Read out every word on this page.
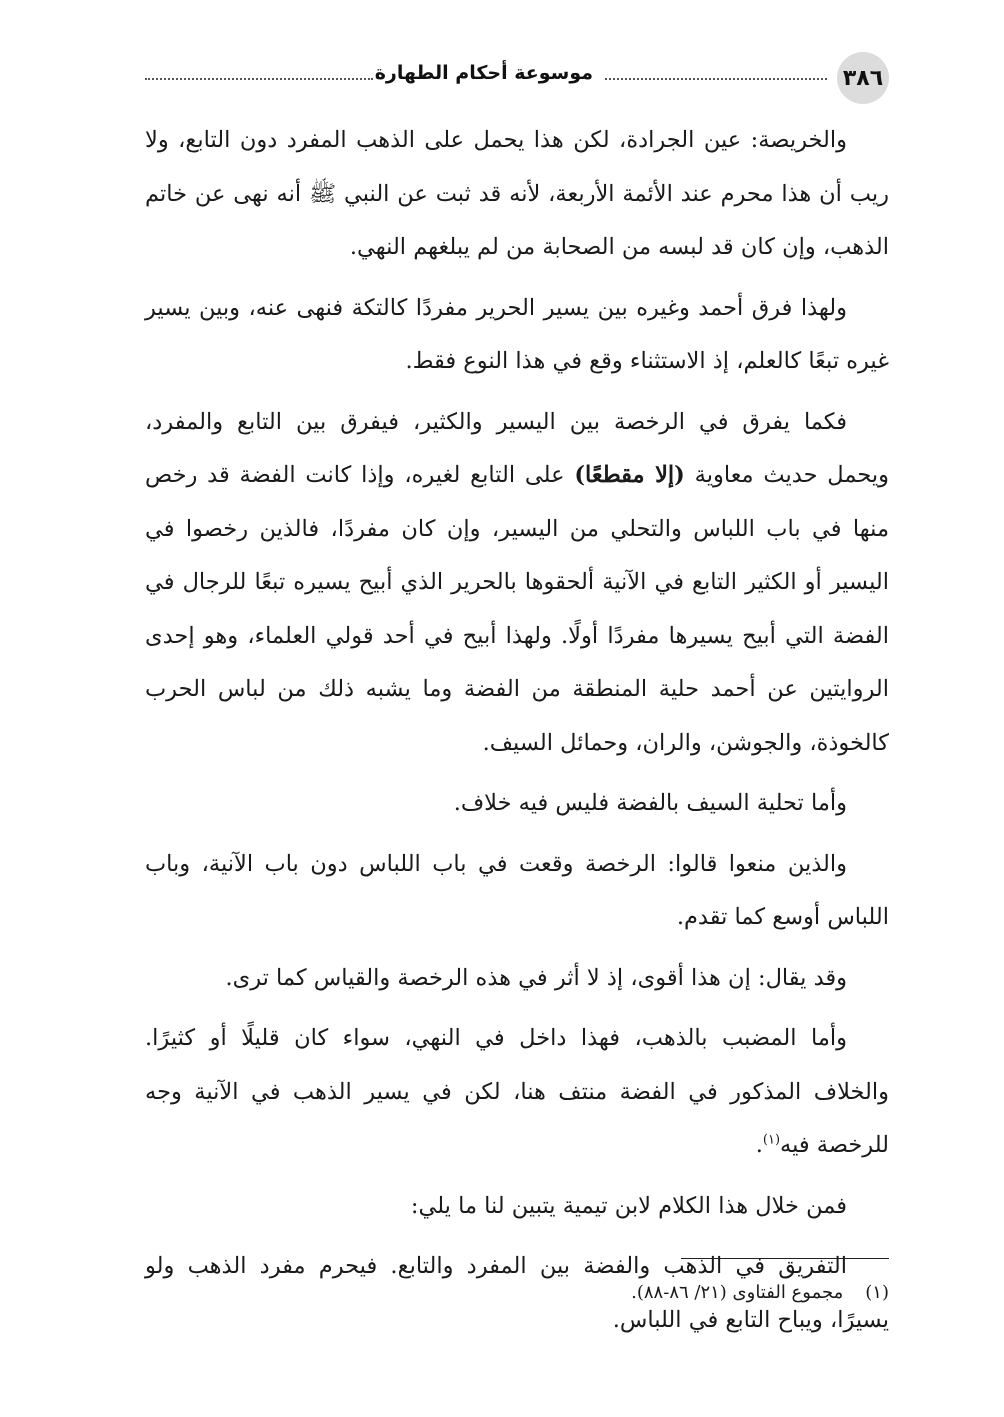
٣٨٦
موسوعة أحكام الطهارة

والخريصة: عين الجرادة، لكن هذا يحمل على الذهب المفرد دون التابع، ولا ريب أن هذا محرم عند الأئمة الأربعة، لأنه قد ثبت عن النبي ﷺ أنه نهى عن خاتم الذهب، وإن كان قد لبسه من الصحابة من لم يبلغهم النهي.

ولهذا فرق أحمد وغيره بين يسير الحرير مفردًا كالتكة فنهى عنه، وبين يسير غيره تبعًا كالعلم، إذ الاستثناء وقع في هذا النوع فقط.

فكما يفرق في الرخصة بين اليسير والكثير، فيفرق بين التابع والمفرد، ويحمل حديث معاوية (إلا مقطعًا) على التابع لغيره، وإذا كانت الفضة قد رخص منها في باب اللباس والتحلي من اليسير، وإن كان مفردًا، فالذين رخصوا في اليسير أو الكثير التابع في الآنية ألحقوها بالحرير الذي أبيح يسيره تبعًا للرجال في الفضة التي أبيح يسيرها مفردًا أولًا. ولهذا أبيح في أحد قولي العلماء، وهو إحدى الروايتين عن أحمد حلية المنطقة من الفضة وما يشبه ذلك من لباس الحرب كالخوذة، والجوشن، والران، وحمائل السيف.

وأما تحلية السيف بالفضة فليس فيه خلاف.

والذين منعوا قالوا: الرخصة وقعت في باب اللباس دون باب الآنية، وباب اللباس أوسع كما تقدم.

وقد يقال: إن هذا أقوى، إذ لا أثر في هذه الرخصة والقياس كما ترى.

وأما المضبب بالذهب، فهذا داخل في النهي، سواء كان قليلًا أو كثيرًا. والخلاف المذكور في الفضة منتف هنا، لكن في يسير الذهب في الآنية وجه للرخصة فيه$^{(١)}$.

فمن خلال هذا الكلام لابن تيمية يتبين لنا ما يلي:

التفريق في الذهب والفضة بين المفرد والتابع. فيحرم مفرد الذهب ولو يسيرًا، ويباح التابع في اللباس.

(١) مجموع الفتاوى (٢١/ ٨٦-٨٨).
